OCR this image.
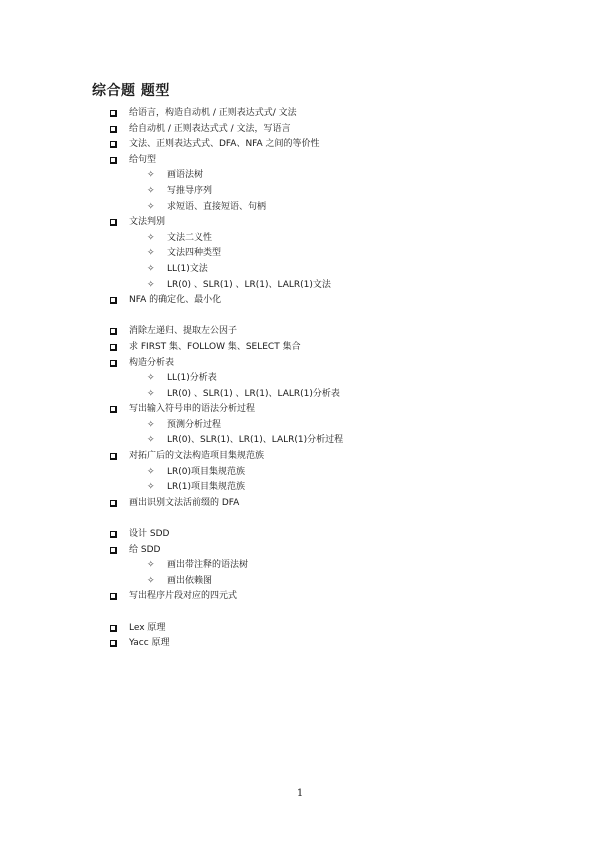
综合题 题型
给语言，构造自动机 / 正则表达式式/ 文法
给自动机 / 正则表达式式 / 文法，写语言
文法、正则表达式式、DFA、NFA 之间的等价性
给句型
✧ 画语法树
✧ 写推导序列
✧ 求短语、直接短语、句柄
文法判别
✧ 文法二义性
✧ 文法四种类型
✧ LL(1)文法
✧ LR(0) 、SLR(1) 、LR(1)、LALR(1)文法
NFA 的确定化、最小化
消除左递归、提取左公因子
求 FIRST 集、FOLLOW 集、SELECT 集合
构造分析表
✧ LL(1)分析表
✧ LR(0) 、SLR(1) 、LR(1)、LALR(1)分析表
写出输入符号串的语法分析过程
✧ 预测分析过程
✧ LR(0)、SLR(1)、LR(1)、LALR(1)分析过程
对拓广后的文法构造项目集规范族
✧ LR(0)项目集规范族
✧ LR(1)项目集规范族
画出识别文法活前缀的 DFA
设计 SDD
给 SDD
✧ 画出带注释的语法树
✧ 画出依赖图
写出程序片段对应的四元式
Lex 原理
Yacc 原理
1
